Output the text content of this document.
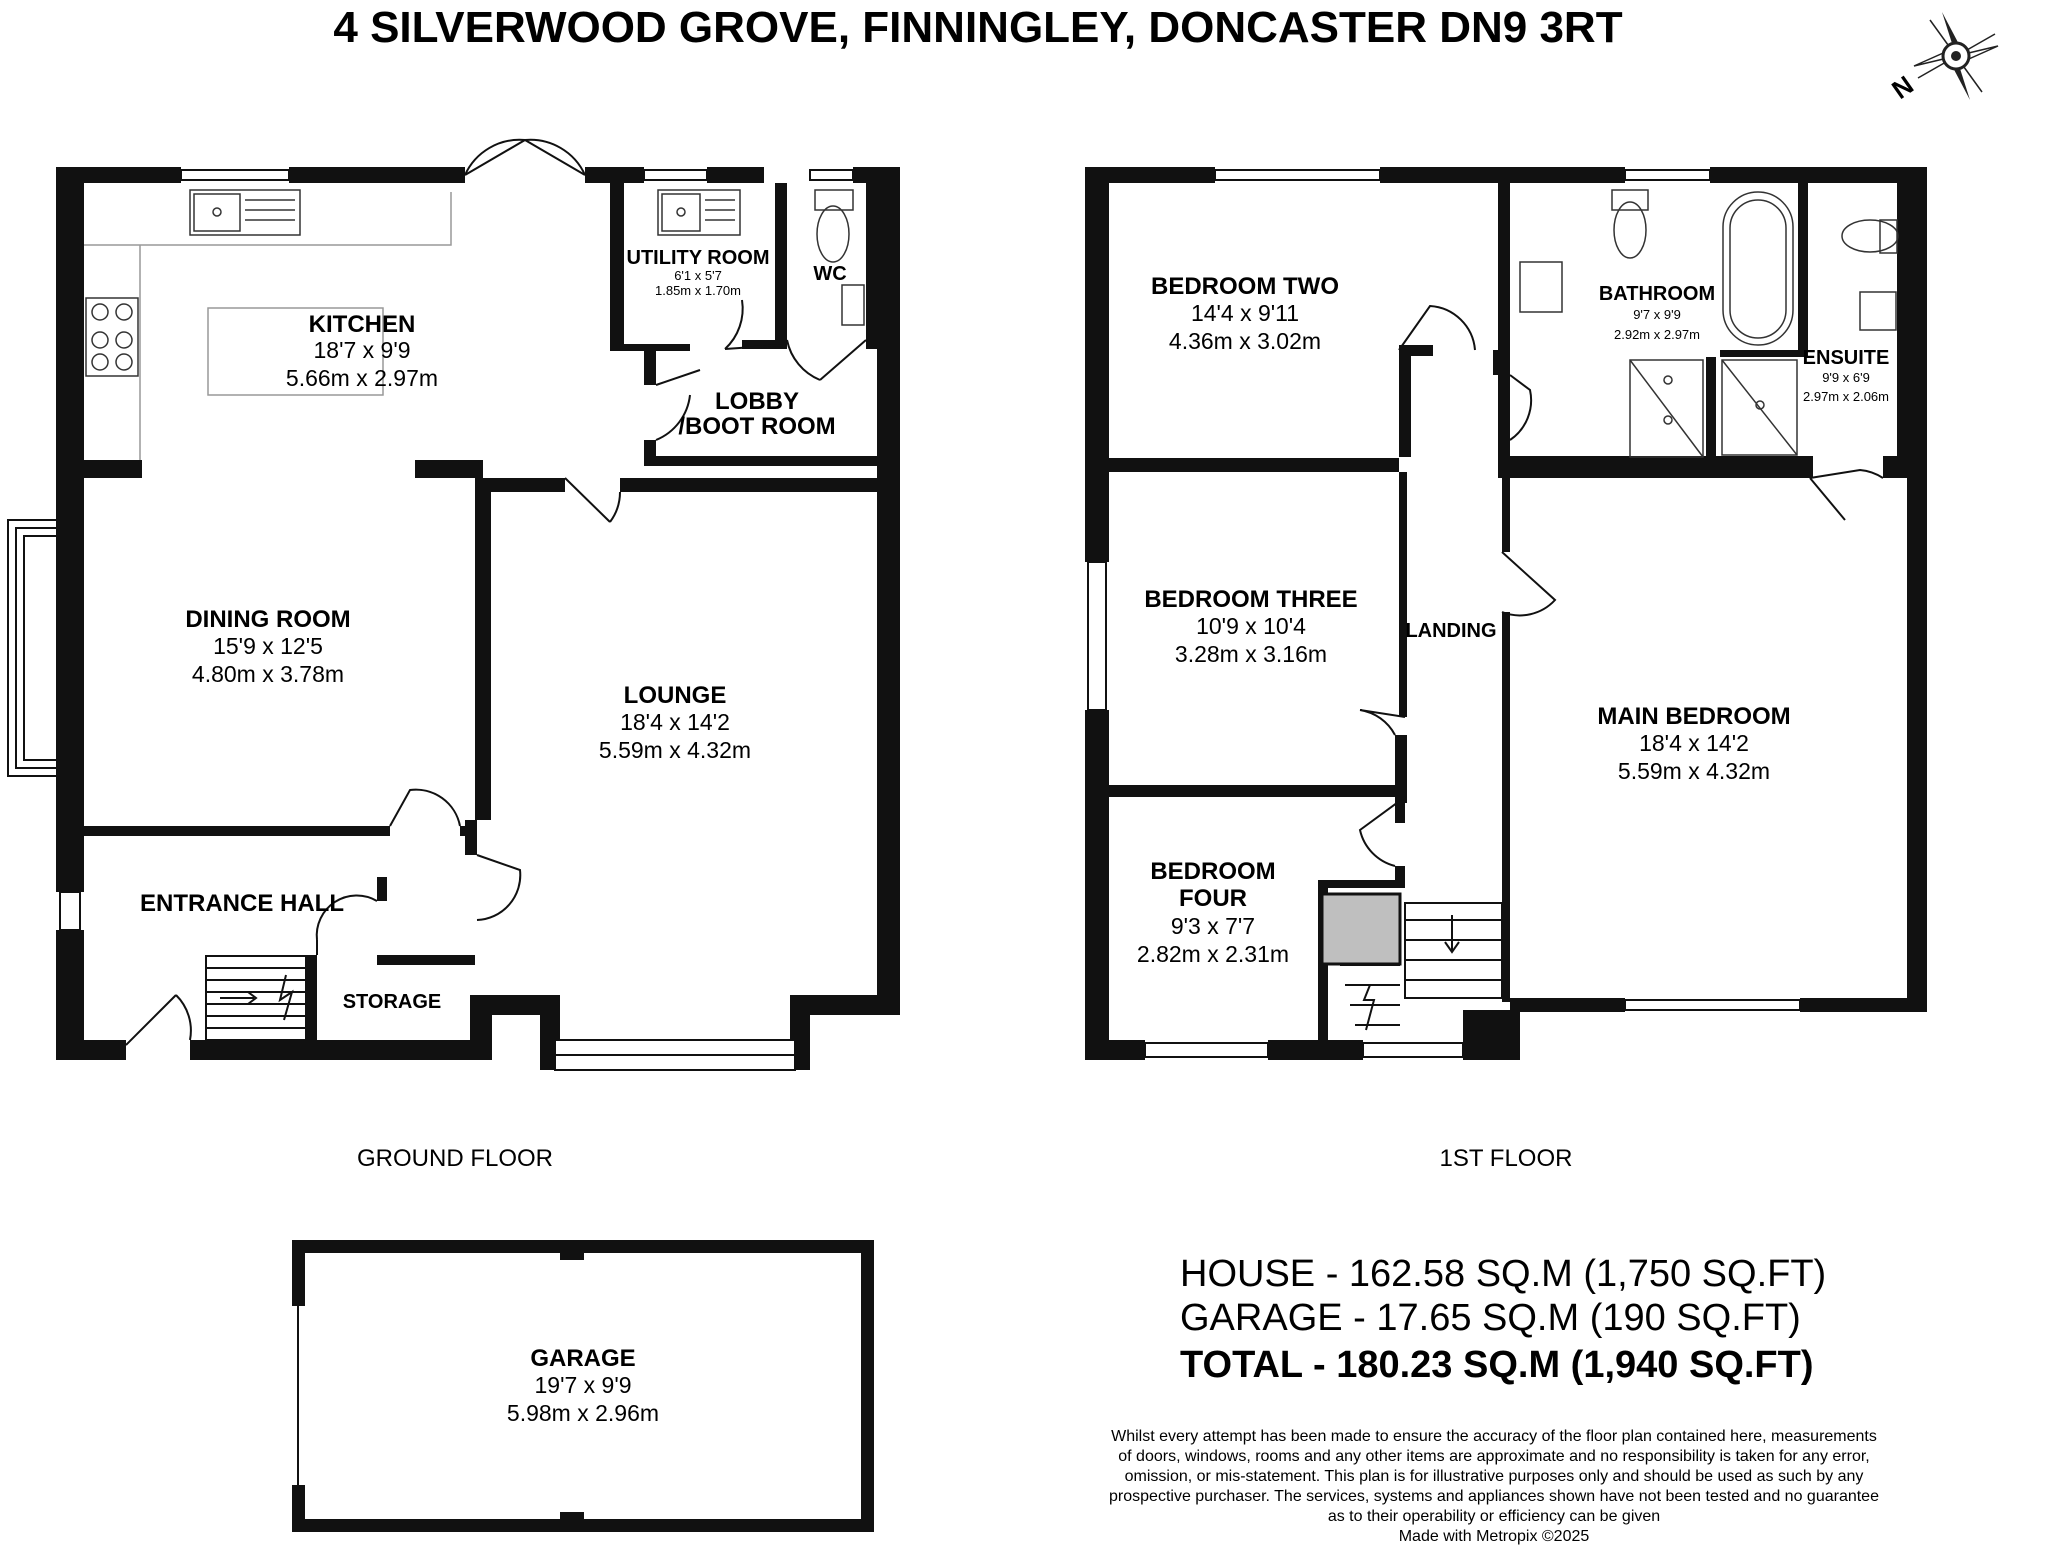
4 SILVERWOOD GROVE, FINNINGLEY, DONCASTER DN9 3RT
N
KITCHEN
18'7 x 9'9
5.66m x 2.97m
UTILITY ROOM
6'1 x 5'7
1.85m x 1.70m
WC
LOBBY
/BOOT ROOM
DINING ROOM
15'9 x 12'5
4.80m x 3.78m
LOUNGE
18'4 x 14'2
5.59m x 4.32m
ENTRANCE HALL
STORAGE
GROUND FLOOR
BEDROOM TWO
14'4 x 9'11
4.36m x 3.02m
BATHROOM
9'7 x 9'9
2.92m x 2.97m
ENSUITE
9'9 x 6'9
2.97m x 2.06m
BEDROOM THREE
10'9 x 10'4
3.28m x 3.16m
LANDING
MAIN BEDROOM
18'4 x 14'2
5.59m x 4.32m
BEDROOM
FOUR
9'3 x 7'7
2.82m x 2.31m
1ST FLOOR
GARAGE
19'7 x 9'9
5.98m x 2.96m
HOUSE - 162.58 SQ.M (1,750 SQ.FT)
GARAGE - 17.65 SQ.M (190 SQ.FT)
TOTAL - 180.23 SQ.M (1,940 SQ.FT)
Whilst every attempt has been made to ensure the accuracy of the floor plan contained here, measurements
of doors, windows, rooms and any other items are approximate and no responsibility is taken for any error,
omission, or mis-statement. This plan is for illustrative purposes only and should be used as such by any
prospective purchaser. The services, systems and appliances shown have not been tested and no guarantee
as to their operability or efficiency can be given
Made with Metropix ©2025
